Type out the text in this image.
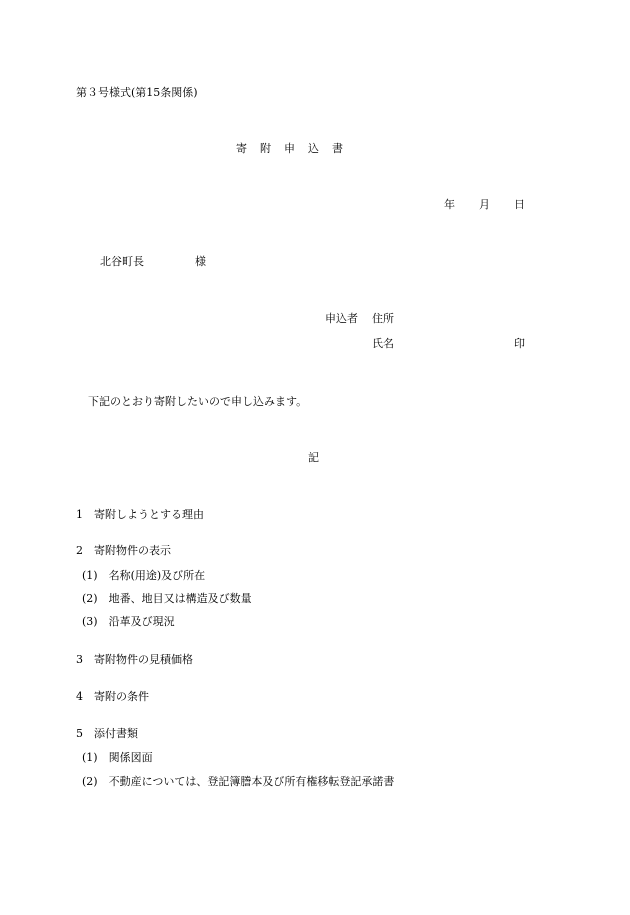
第３号様式(第15条関係)
寄　附　申　込　書
年 月 日
北谷町長	様
申込者 住所
氏名	印
下記のとおり寄附したいので申し込みます。
記
1　寄附しようとする理由
2　寄附物件の表示
(1)　名称(用途)及び所在
(2)　地番、地目又は構造及び数量
(3)　沿革及び現況
3　寄附物件の見積価格
4　寄附の条件
5　添付書類
(1)　関係図面
(2)　不動産については、登記簿謄本及び所有権移転登記承諾書
